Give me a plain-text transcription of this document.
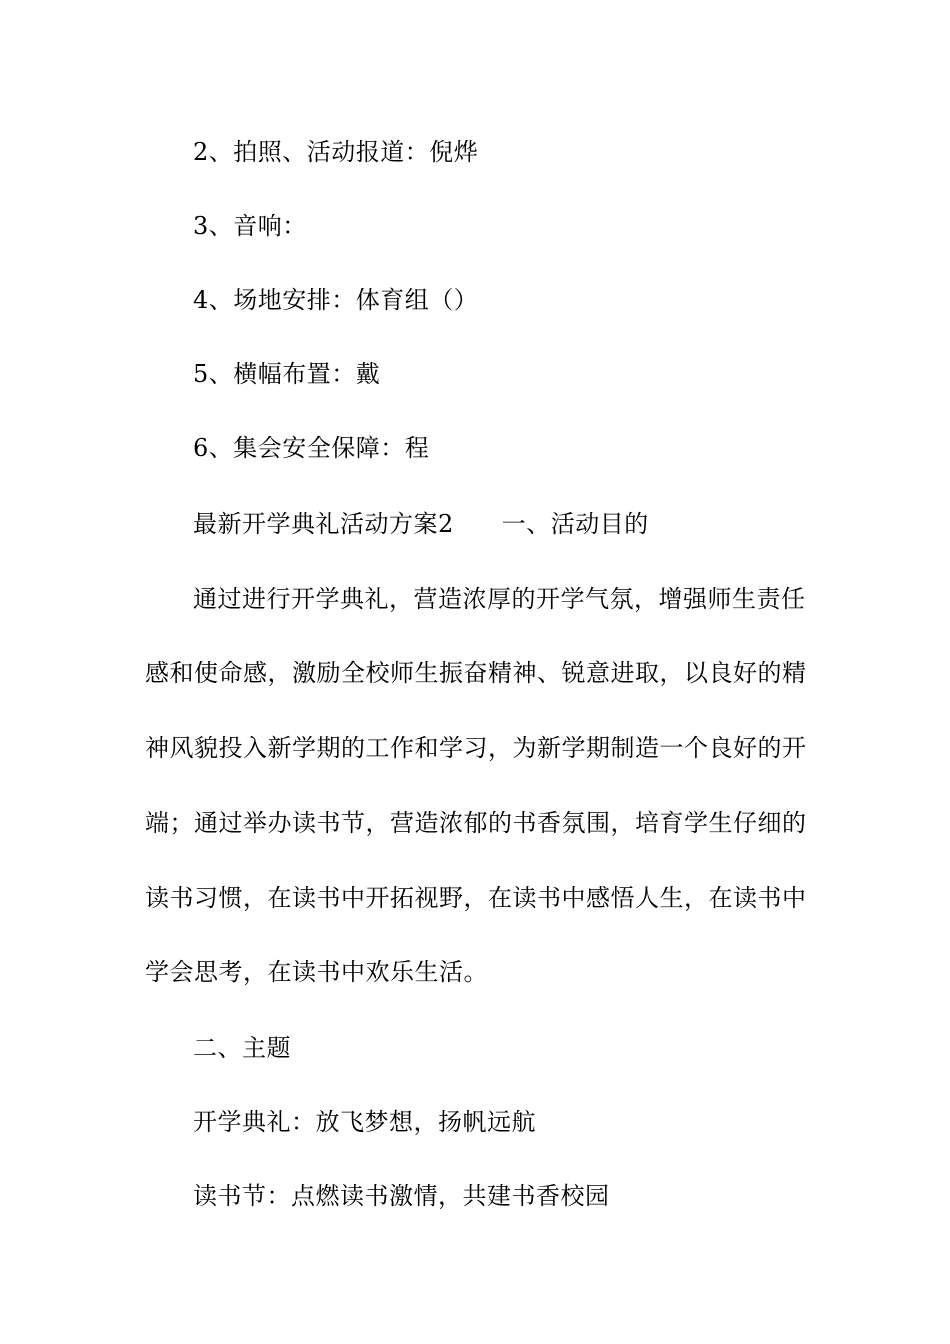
2、拍照、活动报道：倪烨
3、音响：
4、场地安排：体育组（）
5、横幅布置：戴
6、集会安全保障：程
最新开学典礼活动方案2 一、活动目的
通过进行开学典礼，营造浓厚的开学气氛，增强师生责任
感和使命感，激励全校师生振奋精神、锐意进取，以良好的精
神风貌投入新学期的工作和学习，为新学期制造一个良好的开
端；通过举办读书节，营造浓郁的书香氛围，培育学生仔细的
读书习惯，在读书中开拓视野，在读书中感悟人生，在读书中
学会思考，在读书中欢乐生活。
二、主题
开学典礼：放飞梦想，扬帆远航
读书节：点燃读书激情，共建书香校园
